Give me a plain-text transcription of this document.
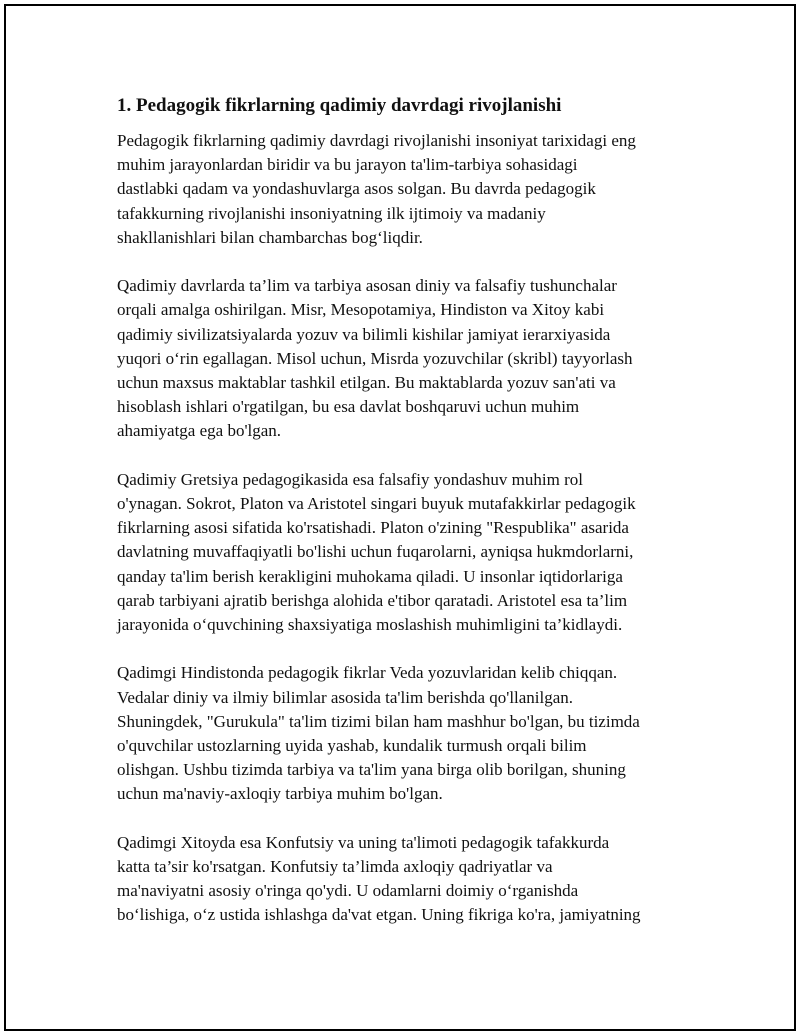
1. Pedagogik fikrlarning qadimiy davrdagi rivojlanishi
Pedagogik fikrlarning qadimiy davrdagi rivojlanishi insoniyat tarixidagi eng
muhim jarayonlardan biridir va bu jarayon ta'lim-tarbiya sohasidagi
dastlabki qadam va yondashuvlarga asos solgan. Bu davrda pedagogik
tafakkurning rivojlanishi insoniyatning ilk ijtimoiy va madaniy
shakllanishlari bilan chambarchas bog‘liqdir.
Qadimiy davrlarda ta’lim va tarbiya asosan diniy va falsafiy tushunchalar
orqali amalga oshirilgan. Misr, Mesopotamiya, Hindiston va Xitoy kabi
qadimiy sivilizatsiyalarda yozuv va bilimli kishilar jamiyat ierarxiyasida
yuqori o‘rin egallagan. Misol uchun, Misrda yozuvchilar (skribl) tayyorlash
uchun maxsus maktablar tashkil etilgan. Bu maktablarda yozuv san'ati va
hisoblash ishlari o'rgatilgan, bu esa davlat boshqaruvi uchun muhim
ahamiyatga ega bo'lgan.
Qadimiy Gretsiya pedagogikasida esa falsafiy yondashuv muhim rol
o'ynagan. Sokrot, Platon va Aristotel singari buyuk mutafakkirlar pedagogik
fikrlarning asosi sifatida ko'rsatishadi. Platon o'zining "Respublika" asarida
davlatning muvaffaqiyatli bo'lishi uchun fuqarolarni, ayniqsa hukmdorlarni,
qanday ta'lim berish kerakligini muhokama qiladi. U insonlar iqtidorlariga
qarab tarbiyani ajratib berishga alohida e'tibor qaratadi. Aristotel esa ta’lim
jarayonida o‘quvchining shaxsiyatiga moslashish muhimligini ta’kidlaydi.
Qadimgi Hindistonda pedagogik fikrlar Veda yozuvlaridan kelib chiqqan.
Vedalar diniy va ilmiy bilimlar asosida ta'lim berishda qo'llanilgan.
Shuningdek, "Gurukula" ta'lim tizimi bilan ham mashhur bo'lgan, bu tizimda
o'quvchilar ustozlarning uyida yashab, kundalik turmush orqali bilim
olishgan. Ushbu tizimda tarbiya va ta'lim yana birga olib borilgan, shuning
uchun ma'naviy-axloqiy tarbiya muhim bo'lgan.
Qadimgi Xitoyda esa Konfutsiy va uning ta'limoti pedagogik tafakkurda
katta ta’sir ko'rsatgan. Konfutsiy ta’limda axloqiy qadriyatlar va
ma'naviyatni asosiy o'ringa qo'ydi. U odamlarni doimiy o‘rganishda
bo‘lishiga, o‘z ustida ishlashga da'vat etgan. Uning fikriga ko'ra, jamiyatning
